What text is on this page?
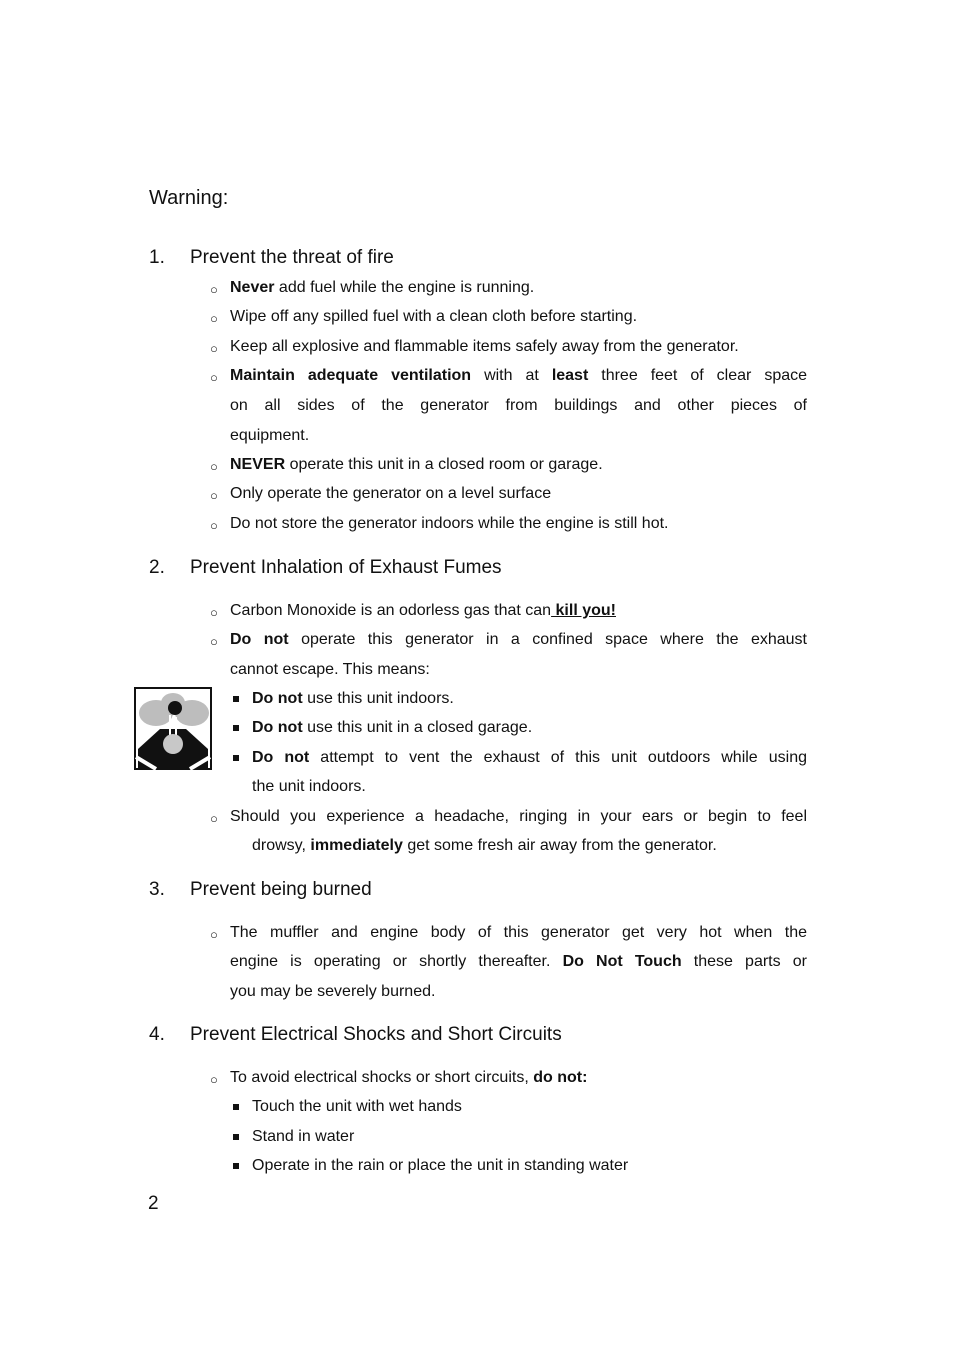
Warning:
1. Prevent the threat of fire
○ Never add fuel while the engine is running.
○ Wipe off any spilled fuel with a clean cloth before starting.
○ Keep all explosive and flammable items safely away from the generator.
○ Maintain adequate ventilation with at least three feet of clear space
on all sides of the generator from buildings and other pieces of
equipment.
○ NEVER operate this unit in a closed room or garage.
○ Only operate the generator on a level surface
○ Do not store the generator indoors while the engine is still hot.
2. Prevent Inhalation of Exhaust Fumes
○ Carbon Monoxide is an odorless gas that can kill you!
○ Do not operate this generator in a confined space where the exhaust
cannot escape. This means:
Do not use this unit indoors.
Do not use this unit in a closed garage.
Do not attempt to vent the exhaust of this unit outdoors while using
the unit indoors.
○ Should you experience a headache, ringing in your ears or begin to feel
drowsy, immediately get some fresh air away from the generator.
3. Prevent being burned
○ The muffler and engine body of this generator get very hot when the
engine is operating or shortly thereafter. Do Not Touch these parts or
you may be severely burned.
4. Prevent Electrical Shocks and Short Circuits
○ To avoid electrical shocks or short circuits, do not:
Touch the unit with wet hands
Stand in water
Operate in the rain or place the unit in standing water
2
